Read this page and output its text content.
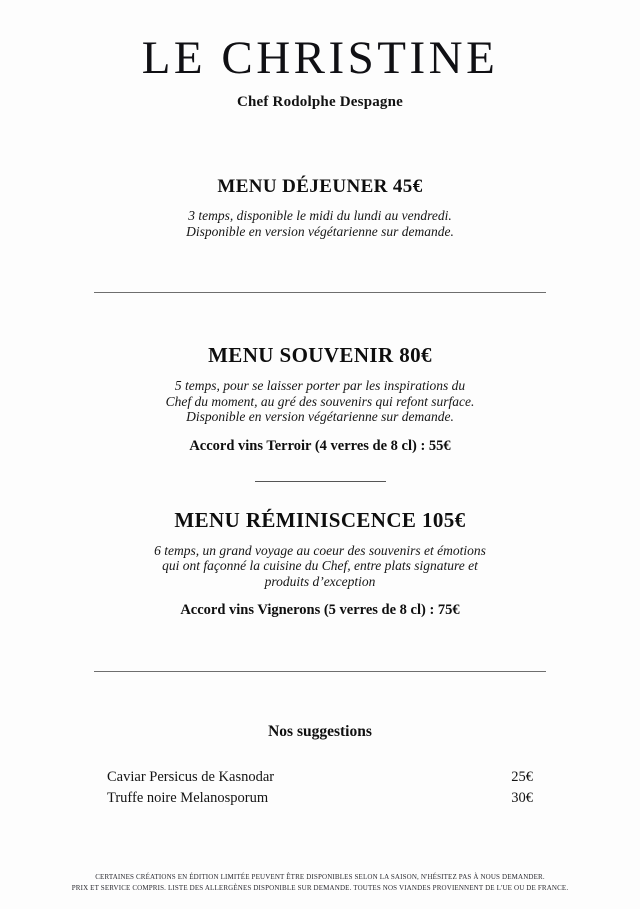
LE CHRISTINE

Chef Rodolphe Despagne

MENU DÉJEUNER 45€

3 temps, disponible le midi du lundi au vendredi.
Disponible en version végétarienne sur demande.

MENU SOUVENIR 80€

5 temps, pour se laisser porter par les inspirations du
Chef du moment, au gré des souvenirs qui refont surface.
Disponible en version végétarienne sur demande.

Accord vins Terroir (4 verres de 8 cl) : 55€

MENU RÉMINISCENCE 105€

6 temps, un grand voyage au coeur des souvenirs et émotions
qui ont façonné la cuisine du Chef, entre plats signature et
produits d’exception

Accord vins Vignerons (5 verres de 8 cl) : 75€

Nos suggestions
Caviar Persicus de Kasnodar	25€
Truffe noire Melanosporum	30€
CERTAINES CRÉATIONS EN ÉDITION LIMITÉE PEUVENT ÊTRE DISPONIBLES SELON LA SAISON, N'HÉSITEZ PAS À NOUS DEMANDER.
PRIX ET SERVICE COMPRIS. LISTE DES ALLERGÈNES DISPONIBLE SUR DEMANDE. TOUTES NOS VIANDES PROVIENNENT DE L'UE OU DE FRANCE.
